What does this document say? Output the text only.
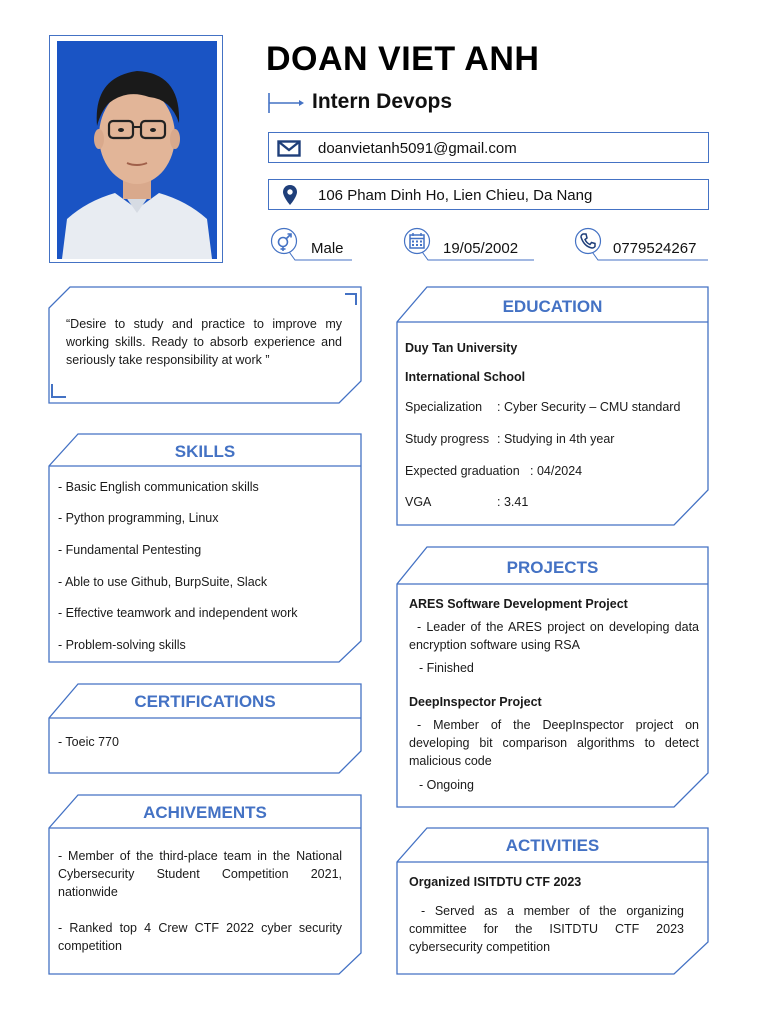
DOAN VIET ANH
Intern Devops
doanvietanh5091@gmail.com
106 Pham Dinh Ho, Lien Chieu, Da Nang
Male	19/05/2002	0779524267
“Desire to study and practice to improve my working skills. Ready to absorb experience and seriously take responsibility at work ”
SKILLS
- Basic English communication skills
- Python programming, Linux
- Fundamental Pentesting
- Able to use Github, BurpSuite, Slack
- Effective teamwork and independent work
- Problem-solving skills
CERTIFICATIONS
- Toeic 770
ACHIVEMENTS
- Member of the third-place team in the National Cybersecurity Student Competition 2021, nationwide
- Ranked top 4 Crew CTF 2022 cyber security competition
EDUCATION
Duy Tan University
International School
Specialization : Cyber Security – CMU standard
Study progress : Studying in 4th year
Expected graduation : 04/2024
VGA	: 3.41
PROJECTS
ARES Software Development Project
- Leader of the ARES project on developing data encryption software using RSA
- Finished
DeepInspector Project
- Member of the DeepInspector project on developing bit comparison algorithms to detect malicious code
- Ongoing
ACTIVITIES
Organized ISITDTU CTF 2023
- Served as a member of the organizing committee for the ISITDTU CTF 2023 cybersecurity competition
